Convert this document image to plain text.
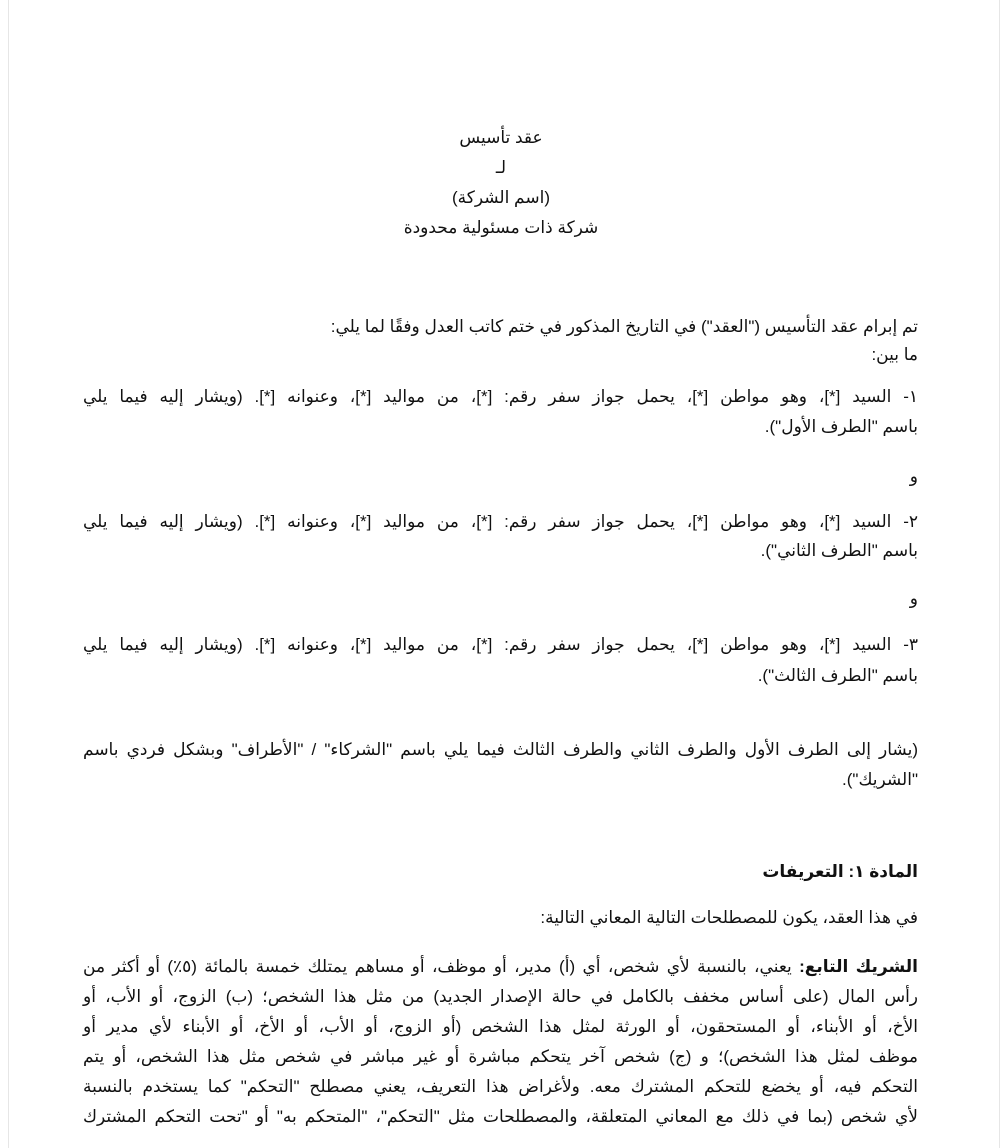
عقد تأسيس
لـ
(اسم الشركة)
شركة ذات مسئولية محدودة
تم إبرام عقد التأسيس ("العقد") في التاريخ المذكور في ختم كاتب العدل وفقًا لما يلي:
ما بين:
١- السيد [*]، وهو مواطن [*]، يحمل جواز سفر رقم: [*]، من مواليد [*]، وعنوانه [*]. (ويشار إليه فيما يلي
باسم "الطرف الأول").
و
٢- السيد [*]، وهو مواطن [*]، يحمل جواز سفر رقم: [*]، من مواليد [*]، وعنوانه [*]. (ويشار إليه فيما يلي
باسم "الطرف الثاني").
و
٣- السيد [*]، وهو مواطن [*]، يحمل جواز سفر رقم: [*]، من مواليد [*]، وعنوانه [*]. (ويشار إليه فيما يلي
باسم "الطرف الثالث").
(يشار إلى الطرف الأول والطرف الثاني والطرف الثالث فيما يلي باسم "الشركاء" / "الأطراف" وبشكل فردي باسم
"الشريك").
المادة ١: التعريفات
في هذا العقد، يكون للمصطلحات التالية المعاني التالية:
الشريك التابع: يعني، بالنسبة لأي شخص، أي (أ) مدير، أو موظف، أو مساهم يمتلك خمسة بالمائة (٥٪) أو أكثر من
رأس المال (على أساس مخفف بالكامل في حالة الإصدار الجديد) من مثل هذا الشخص؛ (ب) الزوج، أو الأب، أو
الأخ، أو الأبناء، أو المستحقون، أو الورثة لمثل هذا الشخص (أو الزوج، أو الأب، أو الأخ، أو الأبناء لأي مدير أو
موظف لمثل هذا الشخص)؛ و (ج) شخص آخر يتحكم مباشرة أو غير مباشر في شخص مثل هذا الشخص، أو يتم
التحكم فيه، أو يخضع للتحكم المشترك معه. ولأغراض هذا التعريف، يعني مصطلح "التحكم" كما يستخدم بالنسبة
لأي شخص (بما في ذلك مع المعاني المتعلقة، والمصطلحات مثل "التحكم"، "المتحكم به" أو "تحت التحكم المشترك
